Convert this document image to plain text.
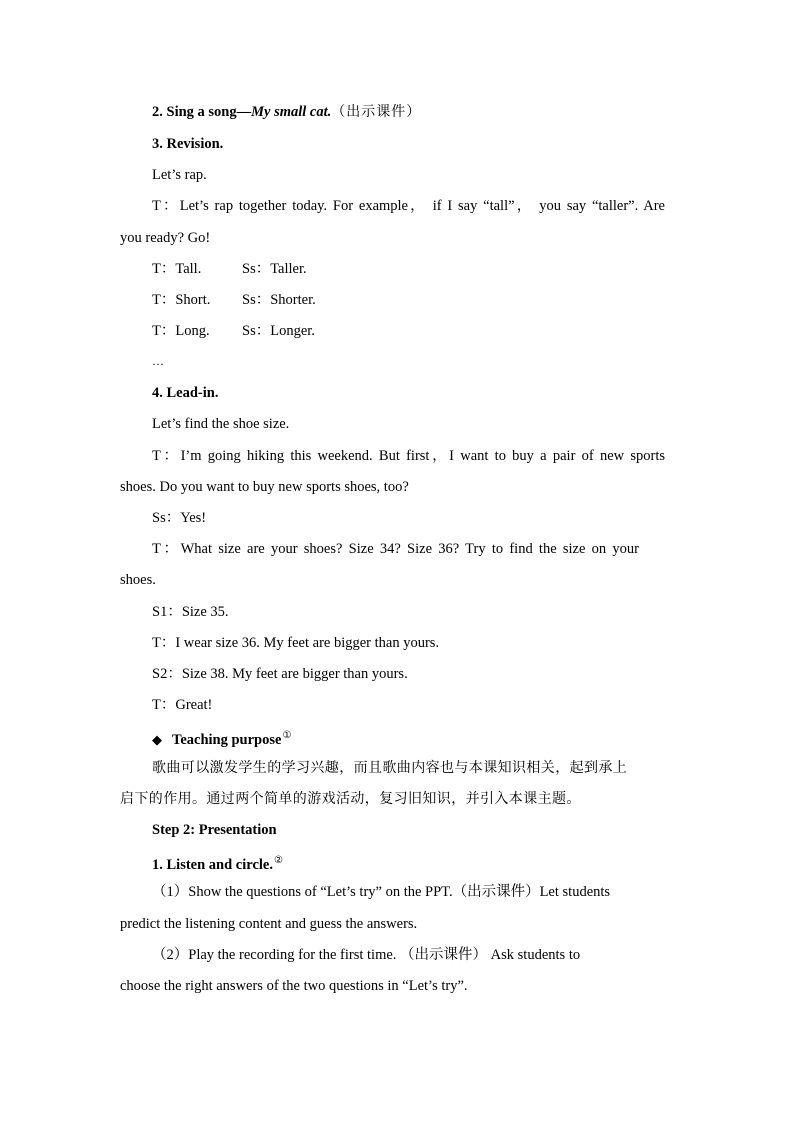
2. Sing a song—My small cat.（出示课件）
3. Revision.
Let’s rap.
T：Let’s rap together today. For example， if I say “tall”， you say “taller”. Are
you ready? Go!
T：Tall.	Ss：Taller.
T：Short. Ss：Shorter.
T：Long. Ss：Longer.
…
4. Lead-in.
Let’s find the shoe size.
T：I’m going hiking this weekend. But first，I want to buy a pair of new sports
shoes. Do you want to buy new sports shoes, too?
Ss：Yes!
T：What size are your shoes? Size 34? Size 36? Try to find the size on your
shoes.
S1：Size 35.
T：I wear size 36. My feet are bigger than yours.
S2：Size 38. My feet are bigger than yours.
T：Great!
◆ Teaching purpose①
歌曲可以激发学生的学习兴趣，而且歌曲内容也与本课知识相关，起到承上
启下的作用。通过两个简单的游戏活动，复习旧知识，并引入本课主题。
Step 2: Presentation
1. Listen and circle.②
（1）Show the questions of “Let’s try” on the PPT.（出示课件）Let students
predict the listening content and guess the answers.
（2）Play the recording for the first time. （出示课件） Ask students to
choose the right answers of the two questions in “Let’s try”.
